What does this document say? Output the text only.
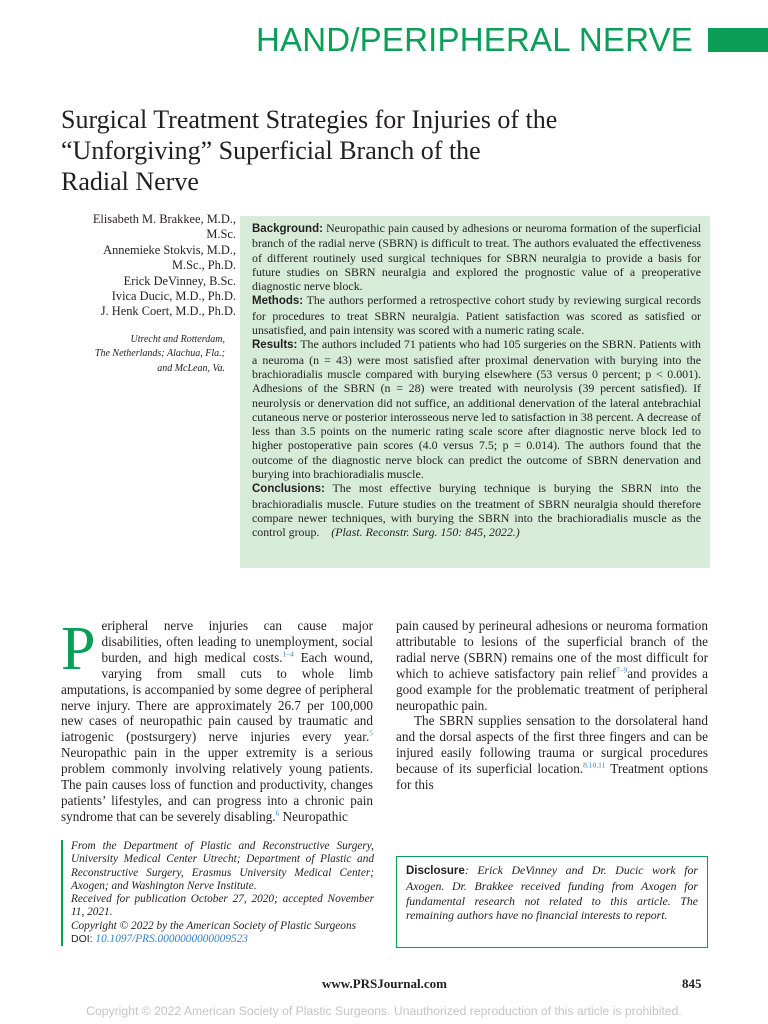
HAND/PERIPHERAL NERVE
Surgical Treatment Strategies for Injuries of the
“Unforgiving” Superficial Branch of the
Radial Nerve
Elisabeth M. Brakkee, M.D.,
M.Sc.
Annemieke Stokvis, M.D.,
M.Sc., Ph.D.
Erick DeVinney, B.Sc.
Ivica Ducic, M.D., Ph.D.
J. Henk Coert, M.D., Ph.D.
Utrecht and Rotterdam,
The Netherlands; Alachua, Fla.;
and McLean, Va.

Background: Neuropathic pain caused by adhesions or neuroma formation of the superficial branch of the radial nerve (SBRN) is difficult to treat. The authors evaluated the effectiveness of different routinely used surgical techniques for SBRN neuralgia to provide a basis for future studies on SBRN neuralgia and explored the prognostic value of a preoperative diagnostic nerve block.

Methods: The authors performed a retrospective cohort study by reviewing surgical records for procedures to treat SBRN neuralgia. Patient satisfaction was scored as satisfied or unsatisfied, and pain intensity was scored with a numeric rating scale.

Results: The authors included 71 patients who had 105 surgeries on the SBRN. Patients with a neuroma (n = 43) were most satisfied after proximal denervation with burying into the brachioradialis muscle compared with burying elsewhere (53 versus 0 percent; p < 0.001). Adhesions of the SBRN (n = 28) were treated with neurolysis (39 percent satisfied). If neurolysis or denervation did not suffice, an additional denervation of the lateral antebrachial cutaneous nerve or posterior interosseous nerve led to satisfaction in 38 percent. A decrease of less than 3.5 points on the numeric rating scale score after diagnostic nerve block led to higher postoperative pain scores (4.0 versus 7.5; p = 0.014). The authors found that the outcome of the diagnostic nerve block can predict the outcome of SBRN denervation and burying into brachioradialis muscle.

Conclusions: The most effective burying technique is burying the SBRN into the brachioradialis muscle. Future studies on the treatment of SBRN neuralgia should therefore compare newer techniques, with burying the SBRN into the brachioradialis muscle as the control group. (Plast. Reconstr. Surg. 150: 845, 2022.)

Peripheral nerve injuries can cause major disabilities, often leading to unemployment, social burden, and high medical costs.$^{1-4}$ Each wound, varying from small cuts to whole limb amputations, is accompanied by some degree of peripheral nerve injury. There are approximately 26.7 per 100,000 new cases of neuropathic pain caused by traumatic and iatrogenic (postsurgery) nerve injuries every year.$^5$ Neuropathic pain in the upper extremity is a serious problem commonly involving relatively young patients. The pain causes loss of function and productivity, changes patients’ lifestyles, and can progress into a chronic pain syndrome that can be severely disabling.$^6$ Neuropathic

pain caused by perineural adhesions or neuroma formation attributable to lesions of the superficial branch of the radial nerve (SBRN) remains one of the most difficult for which to achieve satisfactory pain relief$^{7-9}$and provides a good example for the problematic treatment of peripheral neuropathic pain.

The SBRN supplies sensation to the dorsolateral hand and the dorsal aspects of the first three fingers and can be injured easily following trauma or surgical procedures because of its superficial location.$^{8,10,11}$ Treatment options for this

From the Department of Plastic and Reconstructive Surgery, University Medical Center Utrecht; Department of Plastic and Reconstructive Surgery, Erasmus University Medical Center; Axogen; and Washington Nerve Institute.
Received for publication October 27, 2020; accepted November 11, 2021.
Copyright © 2022 by the American Society of Plastic Surgeons
DOI: 10.1097/PRS.0000000000009523
Disclosure: Erick DeVinney and Dr. Ducic work for Axogen. Dr. Brakkee received funding from Axogen for fundamental research not related to this article. The remaining authors have no financial interests to report.
www.PRSJournal.com	845
Copyright © 2022 American Society of Plastic Surgeons. Unauthorized reproduction of this article is prohibited.
